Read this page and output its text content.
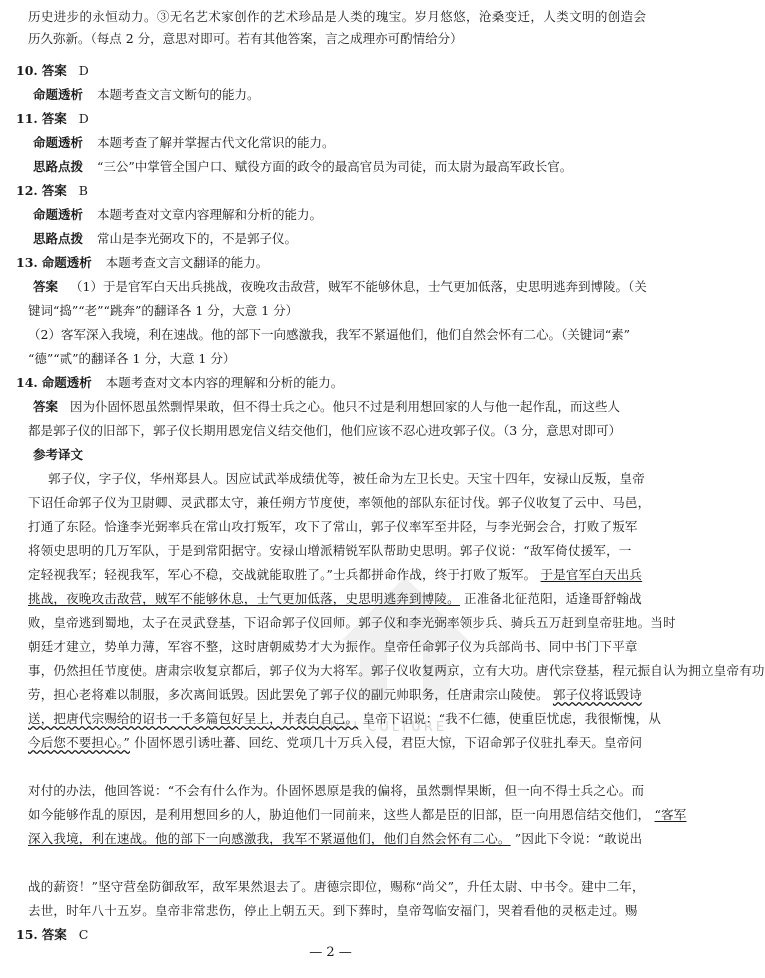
TIANYI CULTURE
历史进步的永恒动力。③无名艺术家创作的艺术珍品是人类的瑰宝。岁月悠悠，沧桑变迁，人类文明的创造会
历久弥新。（每点 2 分，意思对即可。若有其他答案，言之成理亦可酌情给分）
10. 答案 D
命题透析 本题考查文言文断句的能力。
11. 答案 D
命题透析 本题考查了解并掌握古代文化常识的能力。
思路点拨 “三公”中掌管全国户口、赋役方面的政令的最高官员为司徒，而太尉为最高军政长官。
12. 答案 B
命题透析 本题考查对文章内容理解和分析的能力。
思路点拨 常山是李光弼攻下的，不是郭子仪。
13. 命题透析 本题考查文言文翻译的能力。
答案 （1）于是官军白天出兵挑战，夜晚攻击敌营，贼军不能够休息，士气更加低落，史思明逃奔到博陵。（关
键词“捣”“老”“跳奔”的翻译各 1 分，大意 1 分）
（2）客军深入我境，利在速战。他的部下一向感激我，我军不紧逼他们，他们自然会怀有二心。（关键词“素”
“德”“贰”的翻译各 1 分，大意 1 分）
14. 命题透析 本题考查对文本内容的理解和分析的能力。
答案 因为仆固怀恩虽然剽悍果敢，但不得士兵之心。他只不过是利用想回家的人与他一起作乱，而这些人
都是郭子仪的旧部下，郭子仪长期用恩宠信义结交他们，他们应该不忍心进攻郭子仪。（3 分，意思对即可）
参考译文
郭子仪，字子仪，华州郑县人。因应试武举成绩优等，被任命为左卫长史。天宝十四年，安禄山反叛，皇帝
下诏任命郭子仪为卫尉卿、灵武郡太守，兼任朔方节度使，率领他的部队东征讨伐。郭子仪收复了云中、马邑，
打通了东陉。恰逢李光弼率兵在常山攻打叛军，攻下了常山，郭子仪率军至井陉，与李光弼会合，打败了叛军
将领史思明的几万军队，于是到常阳据守。安禄山增派精锐军队帮助史思明。郭子仪说：“敌军倚仗援军，一
定轻视我军；轻视我军，军心不稳，交战就能取胜了。”士兵都拼命作战，终于打败了叛军。 于是官军白天出兵
挑战，夜晚攻击敌营，贼军不能够休息，士气更加低落，史思明逃奔到博陵。 正准备北征范阳，适逢哥舒翰战
败，皇帝逃到蜀地，太子在灵武登基，下诏命郭子仪回师。郭子仪和李光弼率领步兵、骑兵五万赶到皇帝驻地。当时
朝廷才建立，势单力薄，军容不整，这时唐朝威势才大为振作。皇帝任命郭子仪为兵部尚书、同中书门下平章
事，仍然担任节度使。唐肃宗收复京都后，郭子仪为大将军。郭子仪收复两京，立有大功。唐代宗登基，程元振自认为拥立皇帝有功
劳，担心老将难以制服，多次离间诋毁。因此罢免了郭子仪的副元帅职务，任唐肃宗山陵使。 郭子仪将诋毁诗
送，把唐代宗赐给的诏书一千多篇包好呈上，并表白自己。 皇帝下诏说：“我不仁德，使重臣忧虑，我很惭愧，从
今后您不要担心。” 仆固怀恩引诱吐蕃、回纥、党项几十万兵入侵，君臣大惊，下诏命郭子仪驻扎奉天。皇帝问
对付的办法，他回答说：“不会有什么作为。仆固怀恩原是我的偏将，虽然剽悍果断，但一向不得士兵之心。而
如今能够作乱的原因，是利用想回乡的人，胁迫他们一同前来，这些人都是臣的旧部，臣一向用恩信结交他们， “客军
深入我境，利在速战。他的部下一向感激我，我军不紧逼他们，他们自然会怀有二心。 ”因此下令说：“敢说出
战的薪资！”坚守营垒防御敌军，敌军果然退去了。唐德宗即位，赐称“尚父”，升任太尉、中书令。建中二年，
去世，时年八十五岁。皇帝非常悲伤，停止上朝五天。到下葬时，皇帝驾临安福门，哭着看他的灵柩走过。赐
15. 答案 C
— 2 —
